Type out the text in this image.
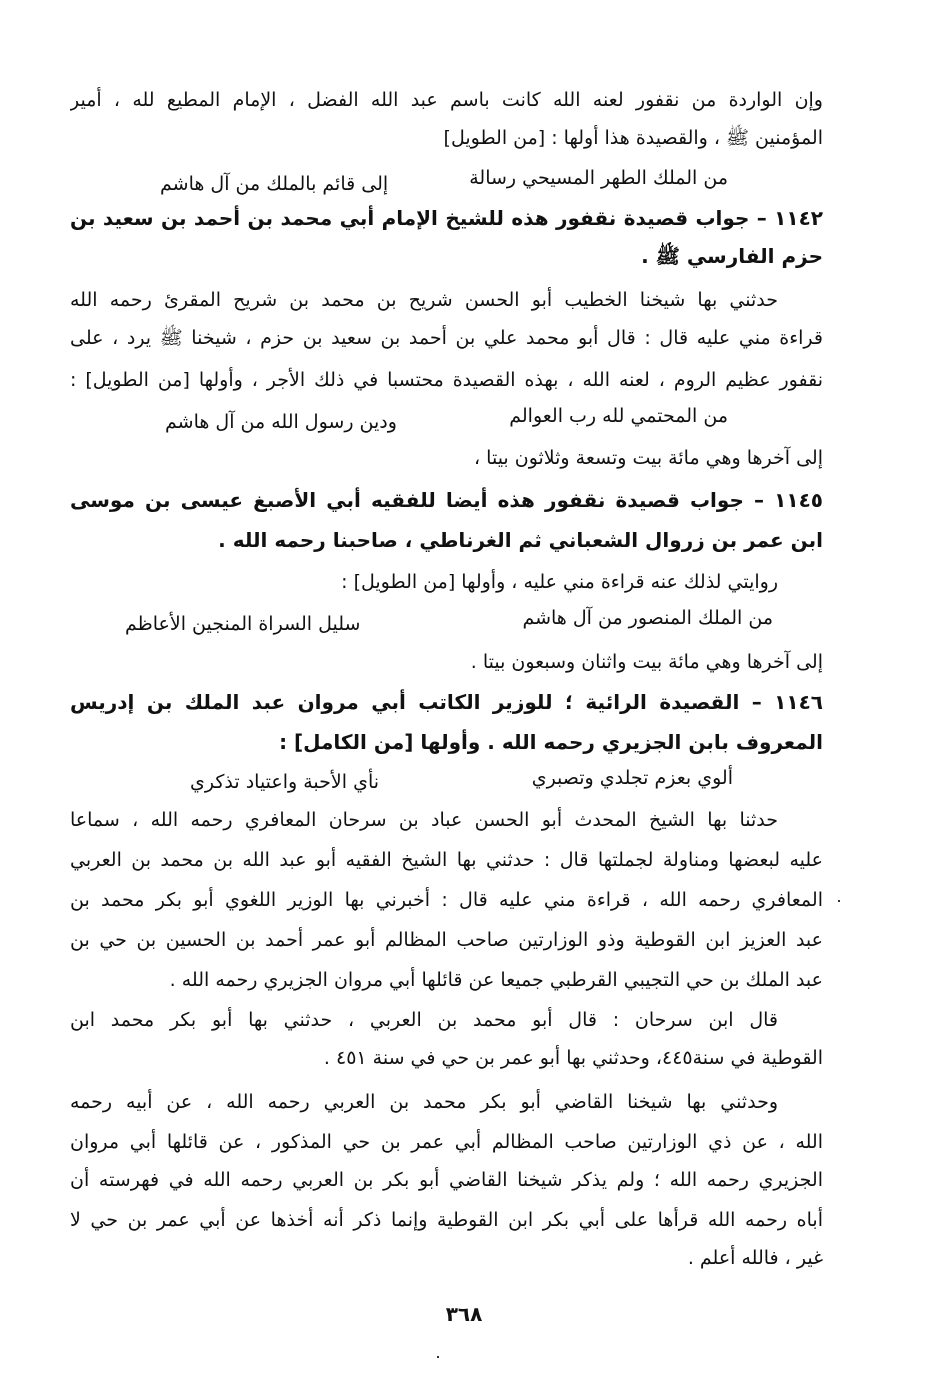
وإن الواردة من نقفور لعنه الله كانت باسم عبد الله الفضل ، الإمام المطيع لله ، أمير
المؤمنين ﷺ ، والقصيدة هذا أولها : [من الطويل]
من الملك الطهر المسيحي رسالة
إلى قائم بالملك من آل هاشم
١١٤٢ – جواب قصيدة نقفور هذه للشيخ الإمام أبي محمد بن أحمد بن سعيد بن
حزم الفارسي ﷺ .
حدثني بها شيخنا الخطيب أبو الحسن شريح بن محمد بن شريح المقرئ رحمه الله
قراءة مني عليه قال : قال أبو محمد علي بن أحمد بن سعيد بن حزم ، شيخنا ﷺ يرد ، على
نقفور عظيم الروم ، لعنه الله ، بهذه القصيدة محتسبا في ذلك الأجر ، وأولها [من الطويل] :
من المحتمي لله رب العوالم
ودين رسول الله من آل هاشم
إلى آخرها وهي مائة بيت وتسعة وثلاثون بيتا ،
١١٤٥ – جواب قصيدة نقفور هذه أيضا للفقيه أبي الأصبغ عيسى بن موسى
ابن عمر بن زروال الشعباني ثم الغرناطي ، صاحبنا رحمه الله .
روايتي لذلك عنه قراءة مني عليه ، وأولها [من الطويل] :
من الملك المنصور من آل هاشم
سليل السراة المنجين الأعاظم
إلى آخرها وهي مائة بيت واثنان وسبعون بيتا .
١١٤٦ – القصيدة الرائية ؛ للوزير الكاتب أبي مروان عبد الملك بن إدريس
المعروف بابن الجزيري رحمه الله . وأولها [من الكامل] :
ألوي بعزم تجلدي وتصبري
نأي الأحبة واعتياد تذكري
حدثنا بها الشيخ المحدث أبو الحسن عباد بن سرحان المعافري رحمه الله ، سماعا
عليه لبعضها ومناولة لجملتها قال : حدثني بها الشيخ الفقيه أبو عبد الله بن محمد بن العربي
المعافري رحمه الله ، قراءة مني عليه قال : أخبرني بها الوزير اللغوي أبو بكر محمد بن
عبد العزيز ابن القوطية وذو الوزارتين صاحب المظالم أبو عمر أحمد بن الحسين بن حي بن
عبد الملك بن حي التجيبي القرطبي جميعا عن قائلها أبي مروان الجزيري رحمه الله .
قال ابن سرحان : قال أبو محمد بن العربي ، حدثني بها أبو بكر محمد ابن
القوطية في سنة٤٤٥، وحدثني بها أبو عمر بن حي في سنة ٤٥١ .
وحدثني بها شيخنا القاضي أبو بكر محمد بن العربي رحمه الله ، عن أبيه رحمه
الله ، عن ذي الوزارتين صاحب المظالم أبي عمر بن حي المذكور ، عن قائلها أبي مروان
الجزيري رحمه الله ؛ ولم يذكر شيخنا القاضي أبو بكر بن العربي رحمه الله في فهرسته أن
أباه رحمه الله قرأها على أبي بكر ابن القوطية وإنما ذكر أنه أخذها عن أبي عمر بن حي لا
غير ، فالله أعلم .
٣٦٨
